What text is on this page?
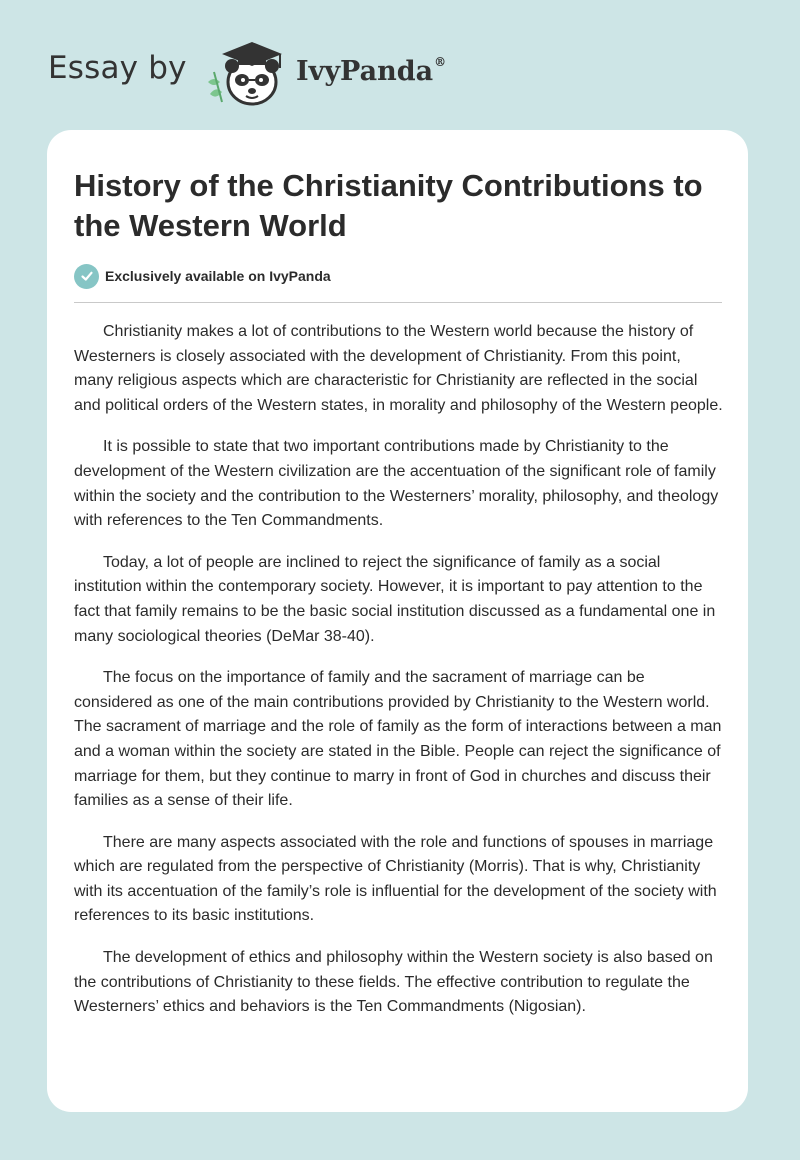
Essay by	IvyPanda®
History of the Christianity Contributions to the Western World
Exclusively available on IvyPanda

Christianity makes a lot of contributions to the Western world because the history of Westerners is closely associated with the development of Christianity. From this point, many religious aspects which are characteristic for Christianity are reflected in the social and political orders of the Western states, in morality and philosophy of the Western people.

It is possible to state that two important contributions made by Christianity to the development of the Western civilization are the accentuation of the significant role of family within the society and the contribution to the Westerners’ morality, philosophy, and theology with references to the Ten Commandments.

Today, a lot of people are inclined to reject the significance of family as a social institution within the contemporary society. However, it is important to pay attention to the fact that family remains to be the basic social institution discussed as a fundamental one in many sociological theories (DeMar 38-40).

The focus on the importance of family and the sacrament of marriage can be considered as one of the main contributions provided by Christianity to the Western world. The sacrament of marriage and the role of family as the form of interactions between a man and a woman within the society are stated in the Bible. People can reject the significance of marriage for them, but they continue to marry in front of God in churches and discuss their families as a sense of their life.

There are many aspects associated with the role and functions of spouses in marriage which are regulated from the perspective of Christianity (Morris). That is why, Christianity with its accentuation of the family’s role is influential for the development of the society with references to its basic institutions.

The development of ethics and philosophy within the Western society is also based on the contributions of Christianity to these fields. The effective contribution to regulate the Westerners’ ethics and behaviors is the Ten Commandments (Nigosian).
